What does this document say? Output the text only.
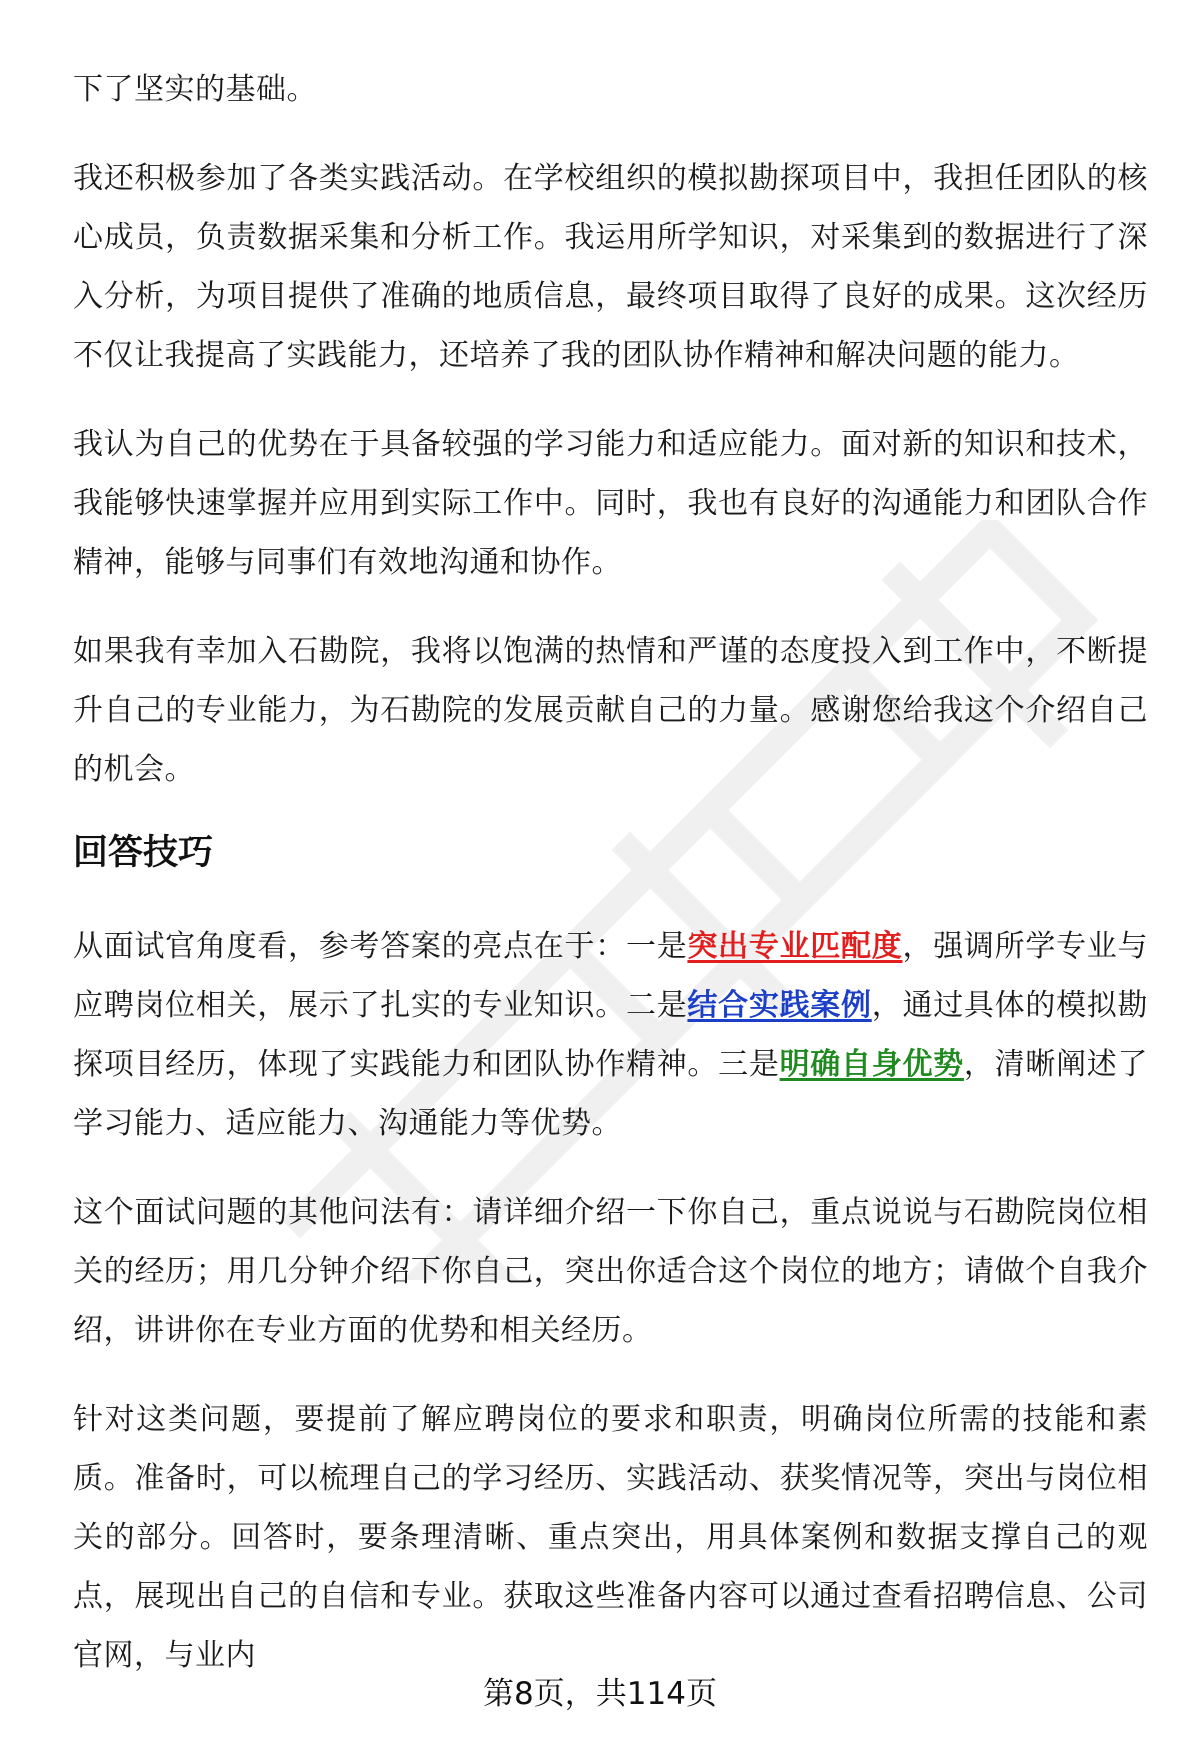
下了坚实的基础。

我还积极参加了各类实践活动。在学校组织的模拟勘探项目中，我担任团队的核心成员，负责数据采集和分析工作。我运用所学知识，对采集到的数据进行了深入分析，为项目提供了准确的地质信息，最终项目取得了良好的成果。这次经历不仅让我提高了实践能力，还培养了我的团队协作精神和解决问题的能力。

我认为自己的优势在于具备较强的学习能力和适应能力。面对新的知识和技术，我能够快速掌握并应用到实际工作中。同时，我也有良好的沟通能力和团队合作精神，能够与同事们有效地沟通和协作。

如果我有幸加入石勘院，我将以饱满的热情和严谨的态度投入到工作中，不断提升自己的专业能力，为石勘院的发展贡献自己的力量。感谢您给我这个介绍自己的机会。

回答技巧

从面试官角度看，参考答案的亮点在于：一是突出专业匹配度，强调所学专业与应聘岗位相关，展示了扎实的专业知识。二是结合实践案例，通过具体的模拟勘探项目经历，体现了实践能力和团队协作精神。三是明确自身优势，清晰阐述了学习能力、适应能力、沟通能力等优势。

这个面试问题的其他问法有：请详细介绍一下你自己，重点说说与石勘院岗位相关的经历；用几分钟介绍下你自己，突出你适合这个岗位的地方；请做个自我介绍，讲讲你在专业方面的优势和相关经历。

针对这类问题，要提前了解应聘岗位的要求和职责，明确岗位所需的技能和素质。准备时，可以梳理自己的学习经历、实践活动、获奖情况等，突出与岗位相关的部分。回答时，要条理清晰、重点突出，用具体案例和数据支撑自己的观点，展现出自己的自信和专业。获取这些准备内容可以通过查看招聘信息、公司官网，与业内

第8页，共114页
